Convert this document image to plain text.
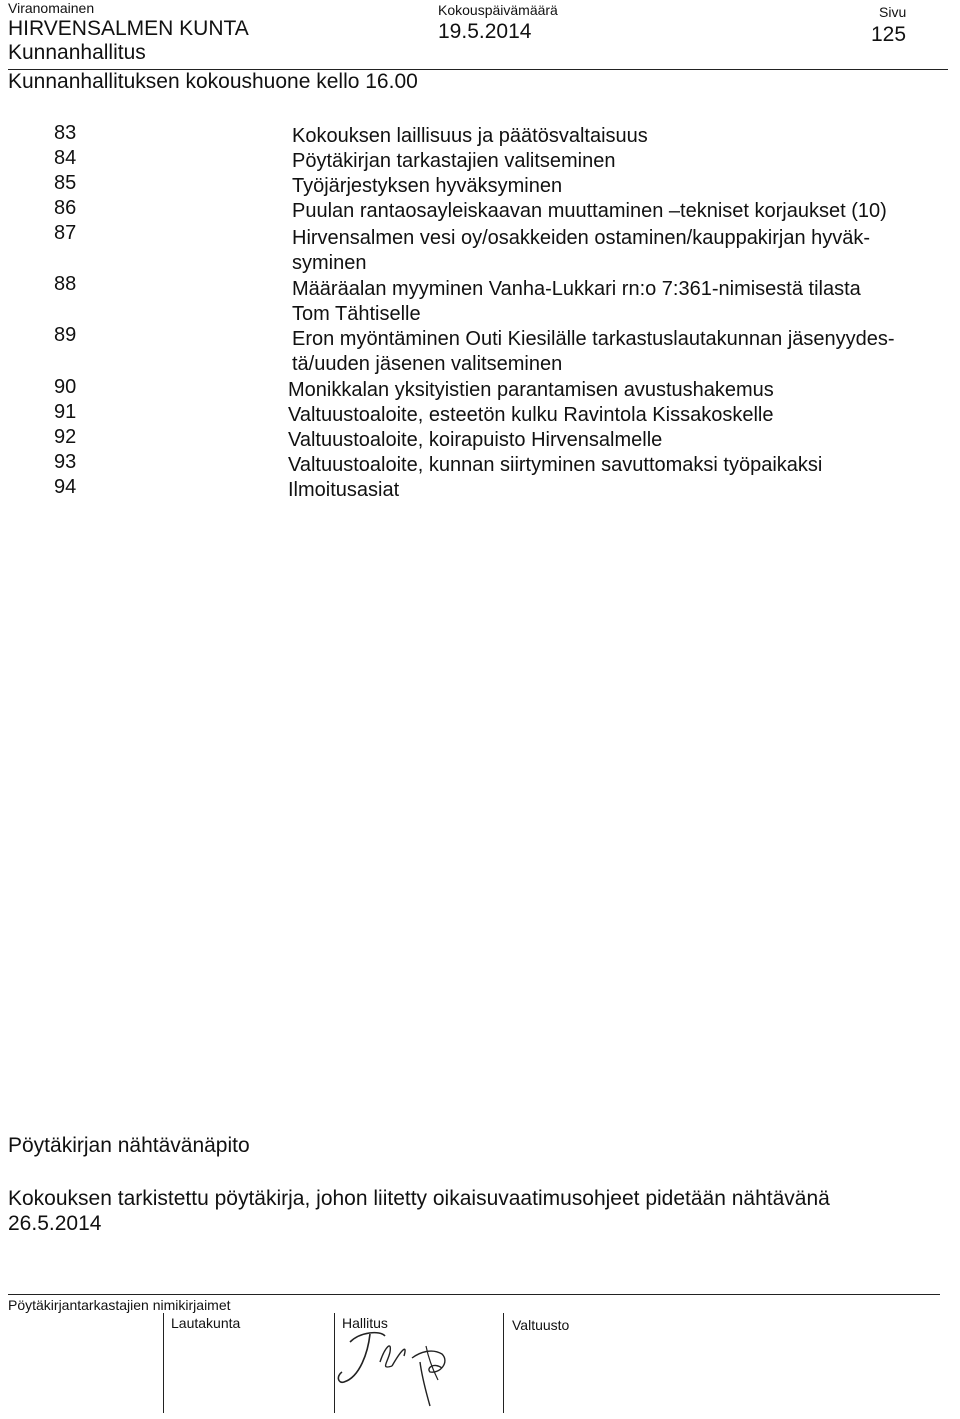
Viranomainen
HIRVENSALMEN KUNTA
Kunnanhallitus
Kokouspäivämäärä
19.5.2014
Sivu
125
Kunnanhallituksen kokoushuone kello 16.00
83	Kokouksen laillisuus ja päätösvaltaisuus
84	Pöytäkirjan tarkastajien valitseminen
85	Työjärjestyksen hyväksyminen
86	Puulan rantaosayleiskaavan muuttaminen –tekniset korjaukset (10)
87	Hirvensalmen vesi oy/osakkeiden ostaminen/kauppakirjan hyväk-
syminen
88	Määräalan myyminen Vanha-Lukkari rn:o 7:361-nimisestä tilasta
Tom Tähtiselle
89	Eron myöntäminen Outi Kiesilälle tarkastuslautakunnan jäsenyydes-
tä/uuden jäsenen valitseminen
90	Monikkalan yksityistien parantamisen avustushakemus
91	Valtuustoaloite, esteetön kulku Ravintola Kissakoskelle
92	Valtuustoaloite, koirapuisto Hirvensalmelle
93	Valtuustoaloite, kunnan siirtyminen savuttomaksi työpaikaksi
94	Ilmoitusasiat
Pöytäkirjan nähtävänäpito
Kokouksen tarkistettu pöytäkirja, johon liitetty oikaisuvaatimusohjeet pidetään nähtävänä
26.5.2014
Pöytäkirjantarkastajien nimikirjaimet
Lautakunta	Hallitus	Valtuusto
